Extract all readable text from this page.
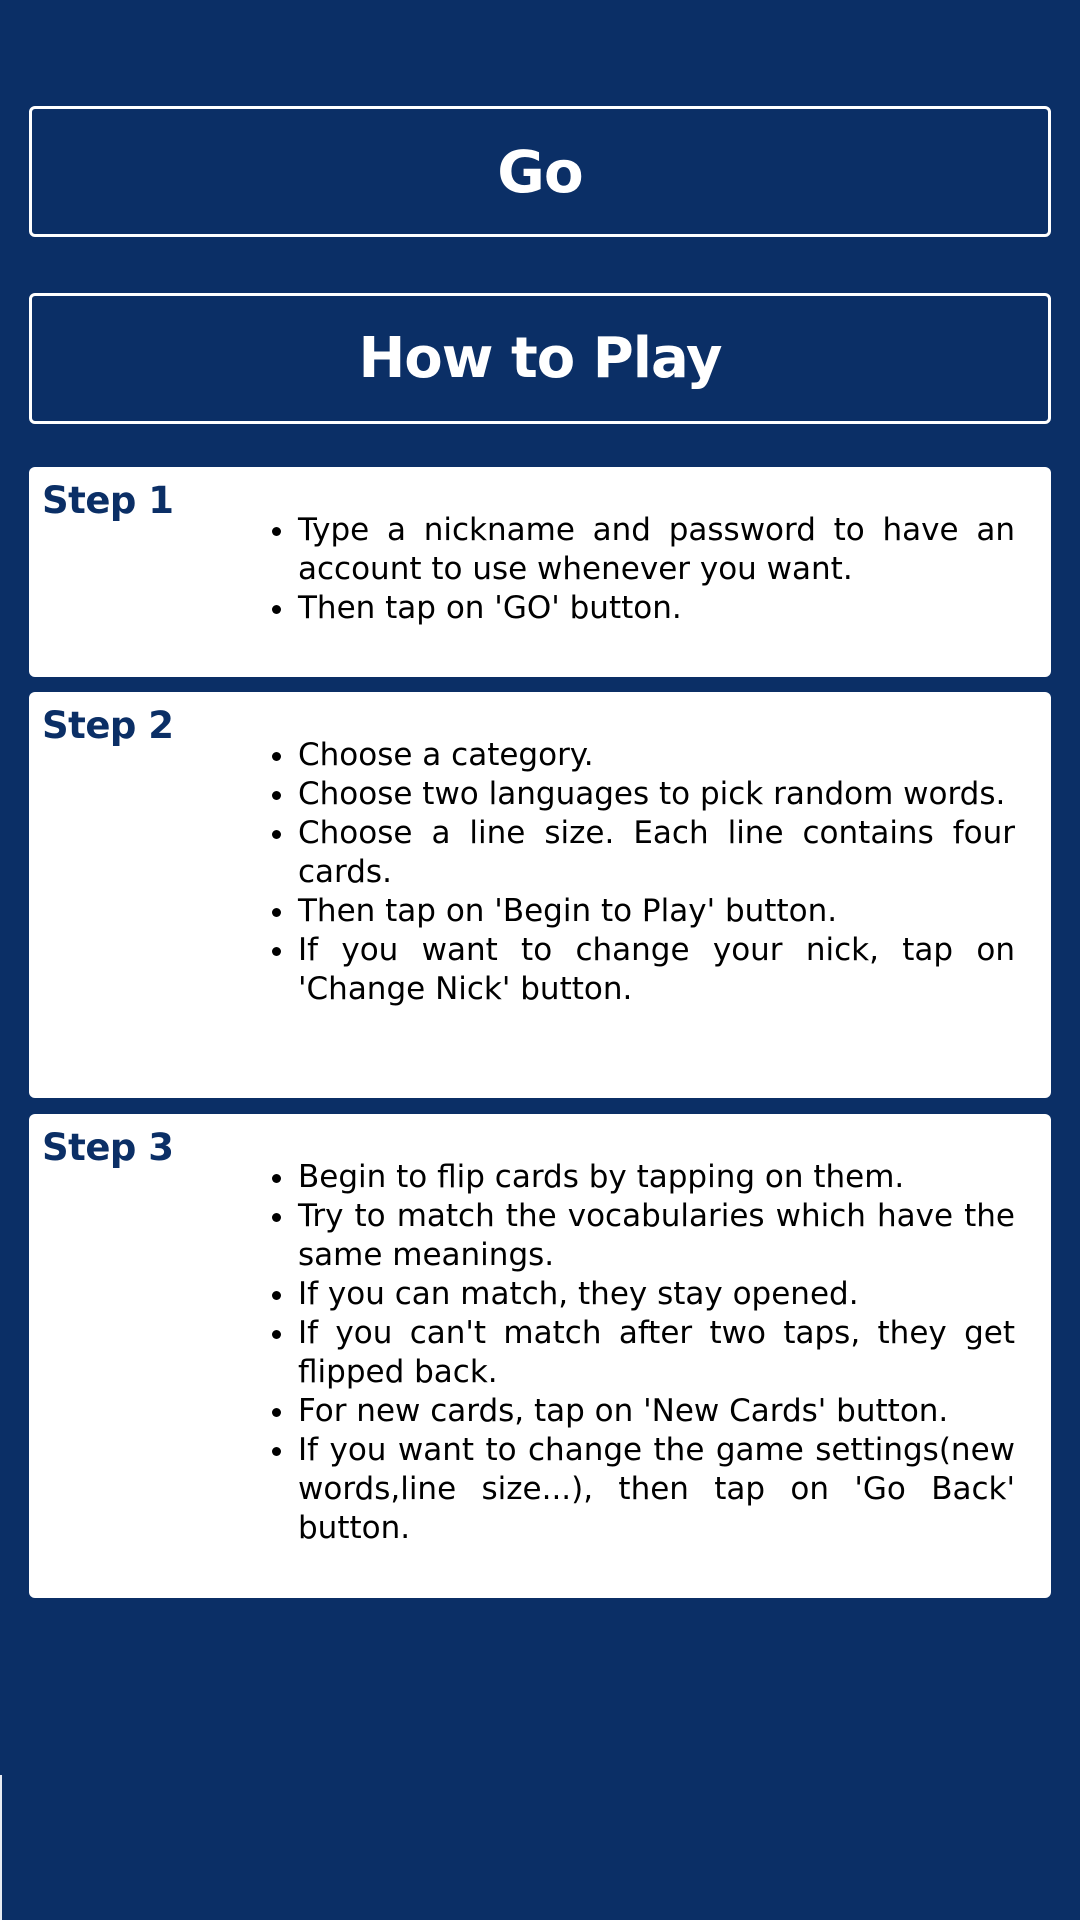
Go
How to Play
Step 1
Type a nickname and password to have an account to use whenever you want.
Then tap on 'GO' button.
Step 2
Choose a category.
Choose two languages to pick random words.
Choose a line size. Each line contains four cards.
Then tap on 'Begin to Play' button.
If you want to change your nick, tap on 'Change Nick' button.
Step 3
Begin to flip cards by tapping on them.
Try to match the vocabularies which have the same meanings.
If you can match, they stay opened.
If you can't match after two taps, they get flipped back.
For new cards, tap on 'New Cards' button.
If you want to change the game settings(new words,line size...), then tap on 'Go Back' button.
